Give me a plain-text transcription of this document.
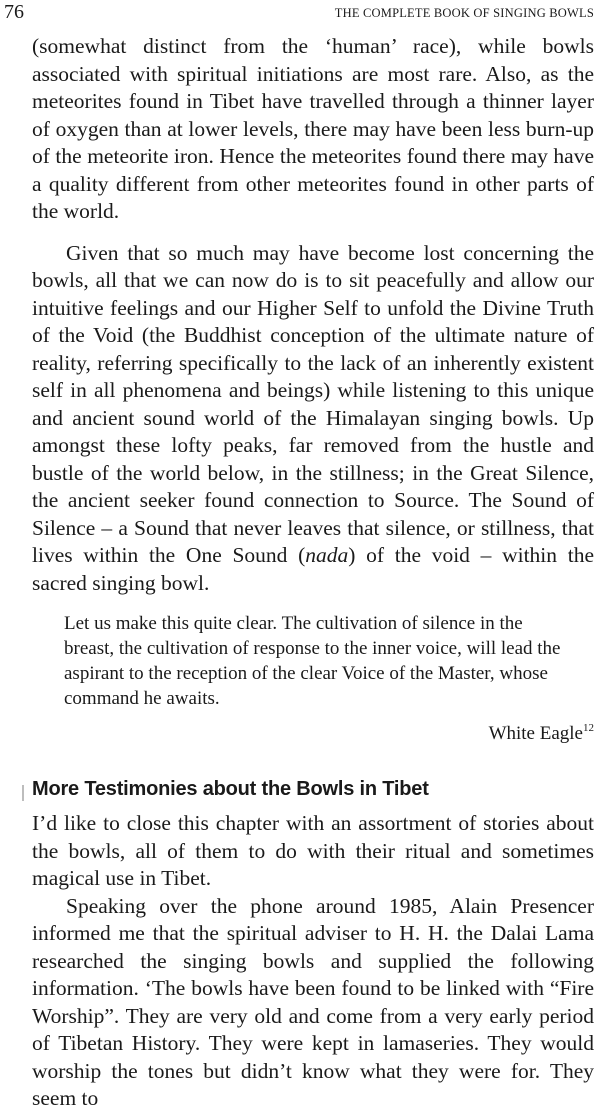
76	THE COMPLETE BOOK OF SINGING BOWLS

(somewhat distinct from the ‘human’ race), while bowls associated with spiritual initiations are most rare. Also, as the meteorites found in Tibet have travelled through a thinner layer of oxygen than at lower levels, there may have been less burn-up of the meteorite iron. Hence the meteorites found there may have a quality different from other meteorites found in other parts of the world.

Given that so much may have become lost concerning the bowls, all that we can now do is to sit peacefully and allow our intuitive feelings and our Higher Self to unfold the Divine Truth of the Void (the Buddhist conception of the ultimate nature of reality, referring specifically to the lack of an inherently existent self in all phenomena and beings) while listening to this unique and ancient sound world of the Himalayan singing bowls. Up amongst these lofty peaks, far removed from the hustle and bustle of the world below, in the stillness; in the Great Silence, the ancient seeker found connection to Source. The Sound of Silence – a Sound that never leaves that silence, or stillness, that lives within the One Sound (nada) of the void – within the sacred singing bowl.

Let us make this quite clear. The cultivation of silence in the breast, the cultivation of response to the inner voice, will lead the aspirant to the reception of the clear Voice of the Master, whose command he awaits.

White Eagle$^{12}$

More Testimonies about the Bowls in Tibet

I’d like to close this chapter with an assortment of stories about the bowls, all of them to do with their ritual and sometimes magical use in Tibet.

Speaking over the phone around 1985, Alain Presencer informed me that the spiritual adviser to H. H. the Dalai Lama researched the singing bowls and supplied the following information. ‘The bowls have been found to be linked with “Fire Worship”. They are very old and come from a very early period of Tibetan History. They were kept in lamaseries. They would worship the tones but didn’t know what they were for. They seem to
